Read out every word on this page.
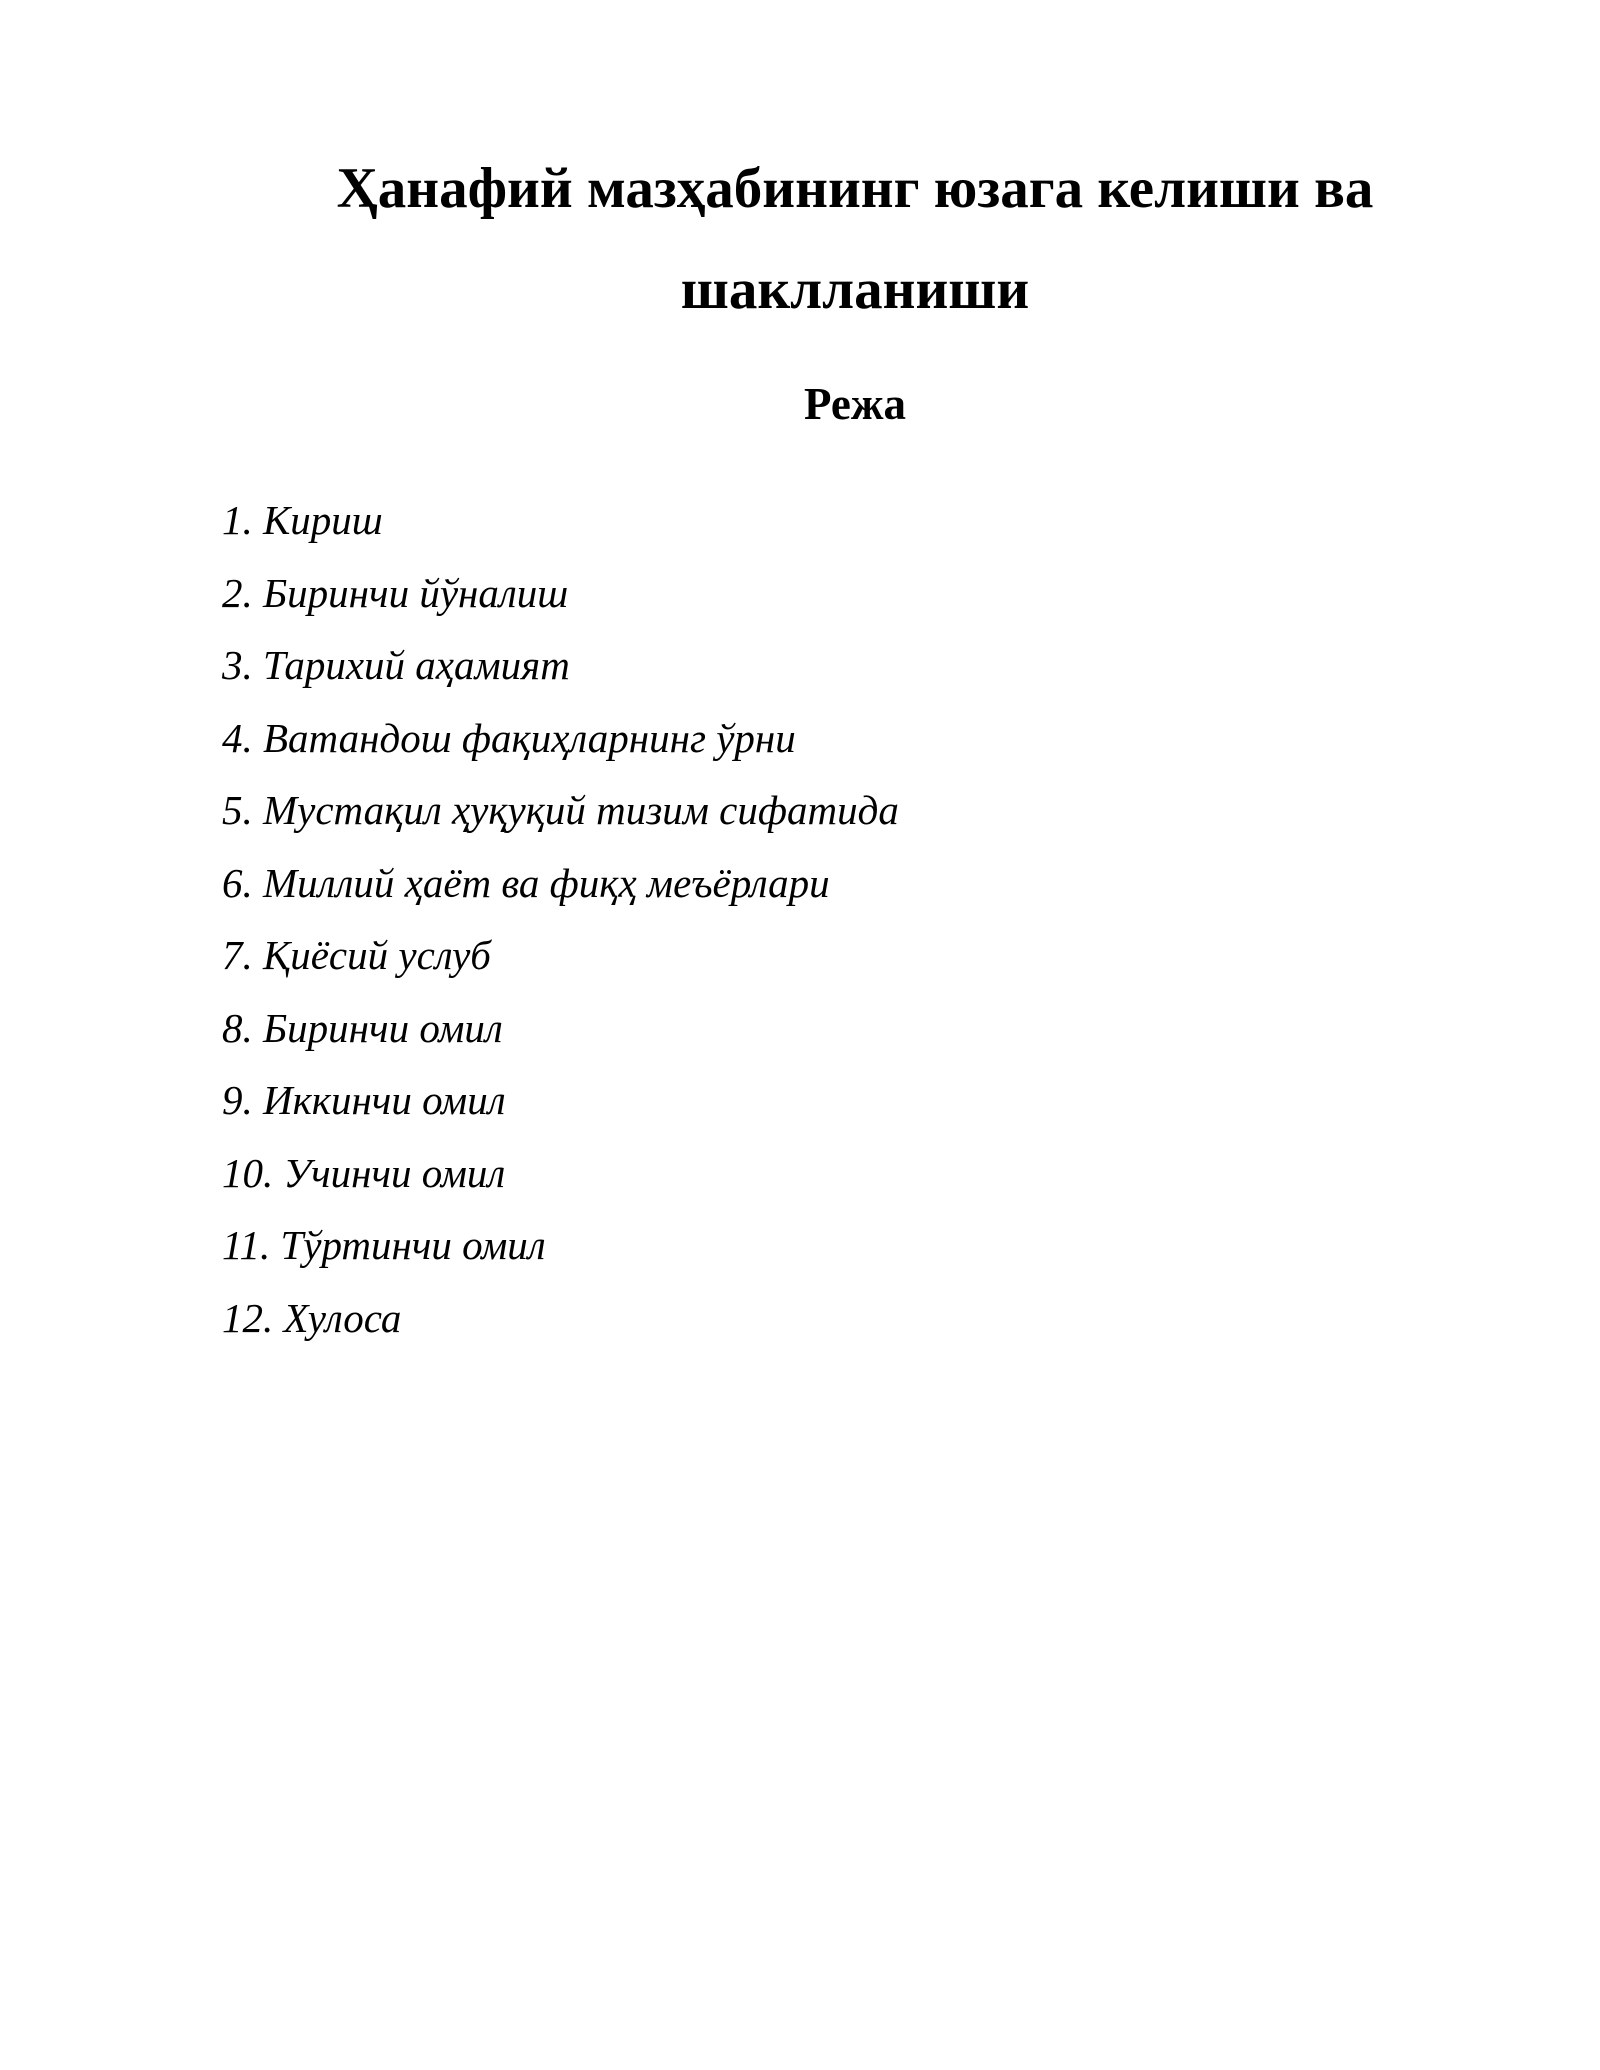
Ҳанафий мазҳабининг юзага келиши ва шаклланиши
Режа
1. Кириш
2. Биринчи йўналиш
3. Тарихий аҳамият
4. Ватандош фақиҳларнинг ўрни
5. Мустақил ҳуқуқий тизим сифатида
6. Миллий ҳаёт ва фиқҳ меъёрлари
7. Қиёсий услуб
8. Биринчи омил
9. Иккинчи омил
10. Учинчи омил
11. Тўртинчи омил
12. Хулоса
